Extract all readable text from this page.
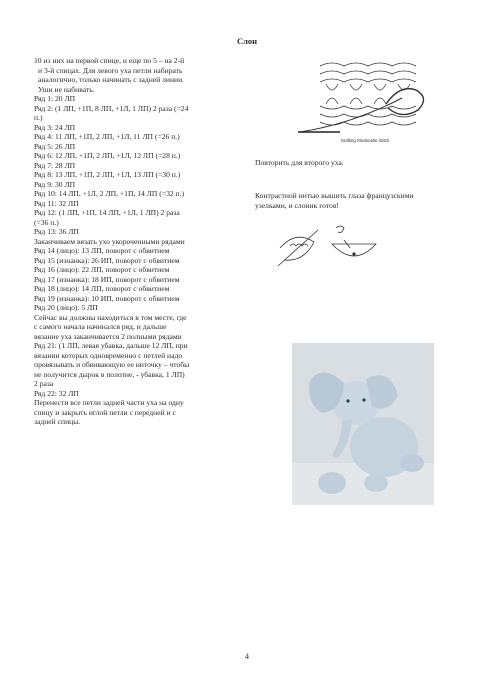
Слон

10 из них на первой спице, и еще по 5 – на 2-й

и 3-й спицах. Для левого уха петли набирать

аналогично, только начинать с задней линии.

Уши не набивать.

Ряд 1: 20 ЛП

Ряд 2: (1 ЛП, +1П, 8 ЛП, +1Л, 1 ЛП) 2 раза (=24

п.)

Ряд 3: 24 ЛП

Ряд 4: 11 ЛП, +1П, 2 ЛП, +1Л, 11 ЛП (=26 п.)

Ряд 5: 26 ЛП

Ряд 6: 12 ЛП, +1П, 2 ЛП, +1Л, 12 ЛП (=28 п.)

Ряд 7: 28 ЛП

Ряд 8: 13 ЛП, +1П, 2 ЛП, +1Л, 13 ЛП (=30 п.)

Ряд 9: 30 ЛП

Ряд 10: 14 ЛП, +1Л, 2 ЛП, +1П, 14 ЛП (=32 п.)

Ряд 11: 32 ЛП

Ряд 12: (1 ЛП, +1П, 14 ЛП, +1Л, 1 ЛП) 2 раза

(=36 п.)

Ряд 13: 36 ЛП

Заканчиваем вязать ухо укороченными рядами

Ряд 14 (лицо): 13 ЛП, поворот с обвитием

Ряд 15 (изнанка): 26 ИП, поворот с обвитием

Ряд 16 (лицо): 22 ЛП, поворот с обвитием

Ряд 17 (изнанка): 18 ИП, поворот с обвитием

Ряд 18 (лицо): 14 ЛП, поворот с обвитием

Ряд 19 (изнанка): 10 ИП, поворот с обвитием

Ряд 20 (лицо): 5 ЛП

Сейчас вы должны находиться в том месте, где

с самого начала начинался ряд, и дальше

вязание уха заканчивается 2 полными рядами

Ряд 21: (1 ЛП, левая убавка, дальше 12 ЛП, при

вязании которых одновременно с петлей надо

провязывать и обвивающую ее ниточку – чтобы

не получится дырок в полотне, - убавка, 1 ЛП)

2 раза

Ряд 22: 32 ЛП

Перенести все петли задней части уха на одну

спицу и закрыть иглой петли с передней и с

задней спицы.

Grafting Stockinette Stitch

Повторить для второго уха.

Контрастной нитью вышить глаза французскими узелками, и слоник готов!

4
